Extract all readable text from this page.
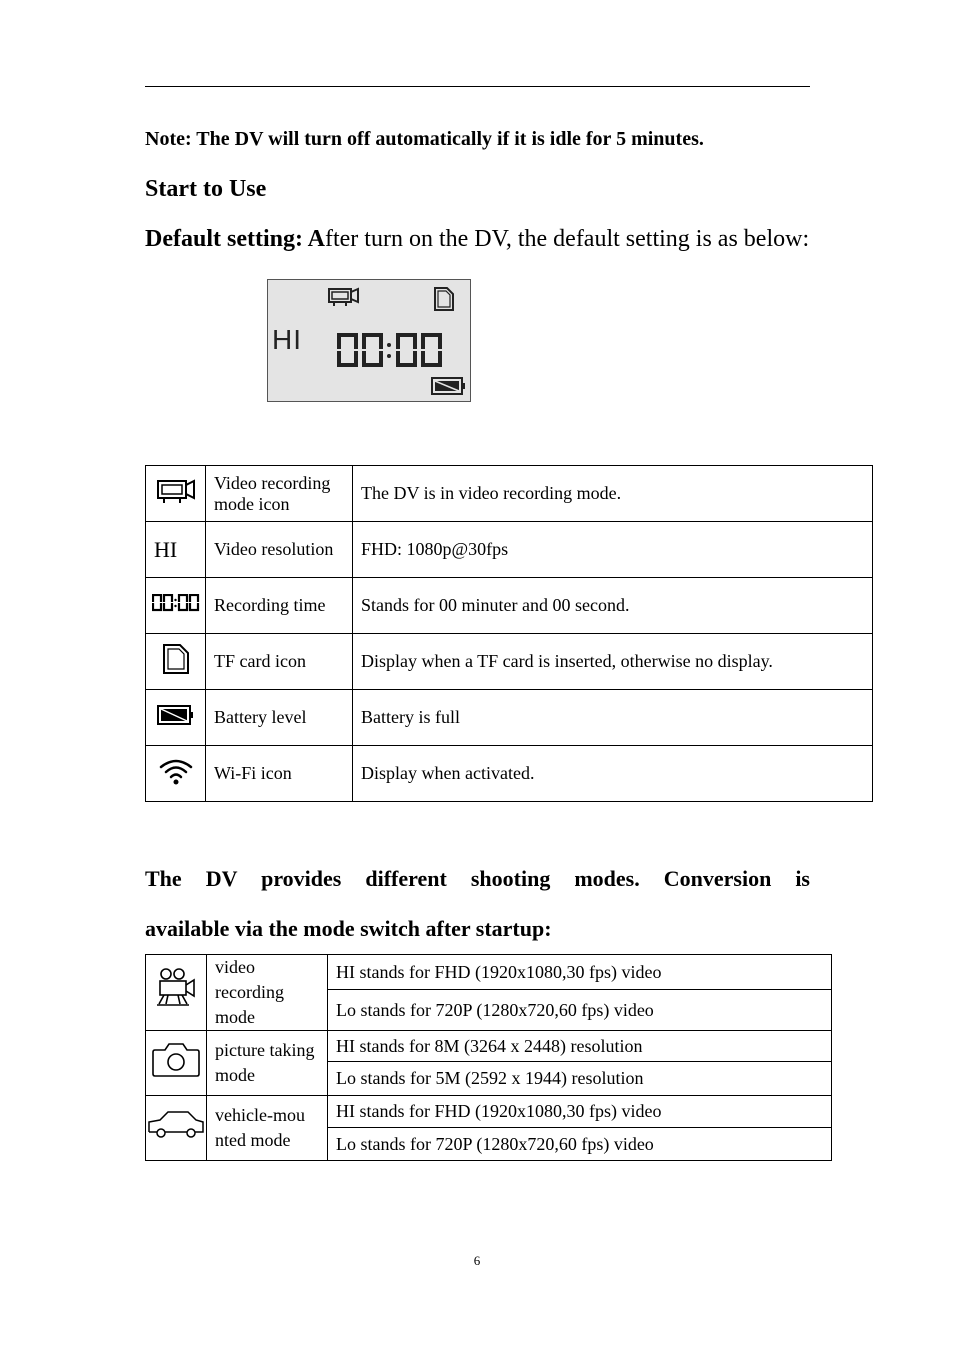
Note: The DV will turn off automatically if it is idle for 5 minutes.
Start to Use
Default setting: After turn on the DV, the default setting is as below:
HI
	Video recording mode icon	The DV is in video recording mode.
HI	Video resolution	FHD: 1080p@30fps
	Recording time	Stands for 00 minuter and 00 second.
	TF card icon	Display when a TF card is inserted, otherwise no display.
	Battery level	Battery is full
	Wi-Fi icon	Display when activated.
The DV provides different shooting modes. Conversion is
available via the mode switch after startup:
	video recording mode	HI stands for FHD (1920x1080,30 fps) video
		Lo stands for 720P (1280x720,60 fps) video
	picture taking mode	HI stands for 8M (3264 x 2448) resolution
		Lo stands for 5M (2592 x 1944) resolution
	vehicle-mou nted mode	HI stands for FHD (1920x1080,30 fps) video
		Lo stands for 720P (1280x720,60 fps) video
6
